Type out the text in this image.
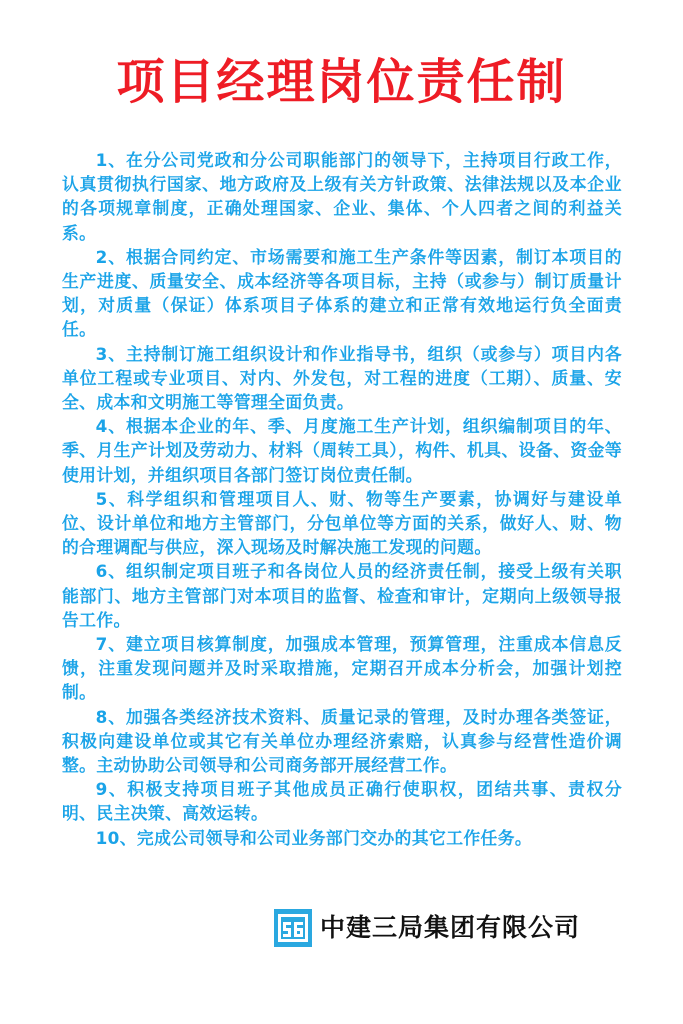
项目经理岗位责任制
1、在分公司党政和分公司职能部门的领导下，主持项目行政工作，认真贯彻执行国家、地方政府及上级有关方针政策、法律法规以及本企业的各项规章制度，正确处理国家、企业、集体、个人四者之间的利益关系。
2、根据合同约定、市场需要和施工生产条件等因素，制订本项目的生产进度、质量安全、成本经济等各项目标，主持（或参与）制订质量计划，对质量（保证）体系项目子体系的建立和正常有效地运行负全面责任。
3、主持制订施工组织设计和作业指导书，组织（或参与）项目内各单位工程或专业项目、对内、外发包，对工程的进度（工期）、质量、安全、成本和文明施工等管理全面负责。
4、根据本企业的年、季、月度施工生产计划，组织编制项目的年、季、月生产计划及劳动力、材料（周转工具），构件、机具、设备、资金等使用计划，并组织项目各部门签订岗位责任制。
5、科学组织和管理项目人、财、物等生产要素，协调好与建设单位、设计单位和地方主管部门，分包单位等方面的关系，做好人、财、物的合理调配与供应，深入现场及时解决施工发现的问题。
6、组织制定项目班子和各岗位人员的经济责任制，接受上级有关职能部门、地方主管部门对本项目的监督、检查和审计，定期向上级领导报告工作。
7、建立项目核算制度，加强成本管理，预算管理，注重成本信息反馈，注重发现问题并及时采取措施，定期召开成本分析会，加强计划控制。
8、加强各类经济技术资料、质量记录的管理，及时办理各类签证，积极向建设单位或其它有关单位办理经济索赔，认真参与经营性造价调整。主动协助公司领导和公司商务部开展经营工作。
9、积极支持项目班子其他成员正确行使职权，团结共事、责权分明、民主决策、高效运转。
10、完成公司领导和公司业务部门交办的其它工作任务。
中建三局集团有限公司
